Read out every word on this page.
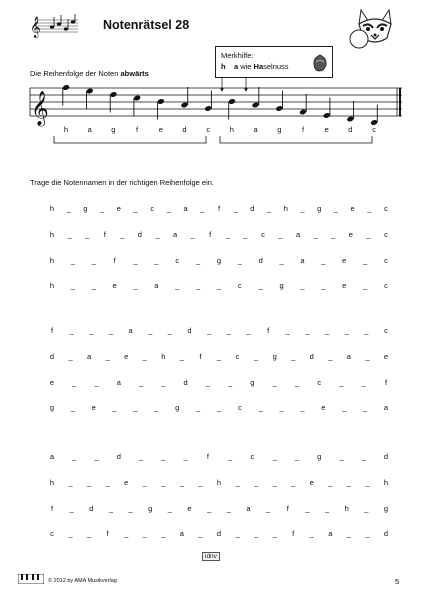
𝄞	Notenrätsel 28
Merkhilfe:
h a wie Haselnuss
Die Reihenfolge der Noten abwärts
𝄞
h	a	g	f	e	d	c	h	a	g	f	e	d	c
Trage die Notennamen in der richtigen Reihenfolge ein.
h _ g _ e _ c _ a _ f _ d _ h _ g _ e _ c
h _ _ f _ d _ a _ f _ _ c _ a _ _ e _ c
h _ _ f _ _ c _ g _ d _ a _ e _ c
h _ _ e _ a _ _ _ c _ g _ _ e _ c
f _ _ _ a _ _ d _ _ _ f _ _ _ _ _ c
d _ a _ e _ h _ f _ c _ g _ d _ a _ e
e _ _ a _ _ d _ _ g _ _ c _ _	f
g _ e _ _ _ g _ _ c _ _ _ e _ _ a
a _ _ d _ _ _	f	_ c _ _ g _ _ d
h _ _ _ e _ _ _ _ h _ _ _ _ e _ _ _ h
f _ d _ _ g _ e _ _ a _ f _ _ h _ g
c _ _ f _ _ _ a _ d _ _ _ f _ a _ _ d
idnv
© 2012 by AMA Musikverlag	5
